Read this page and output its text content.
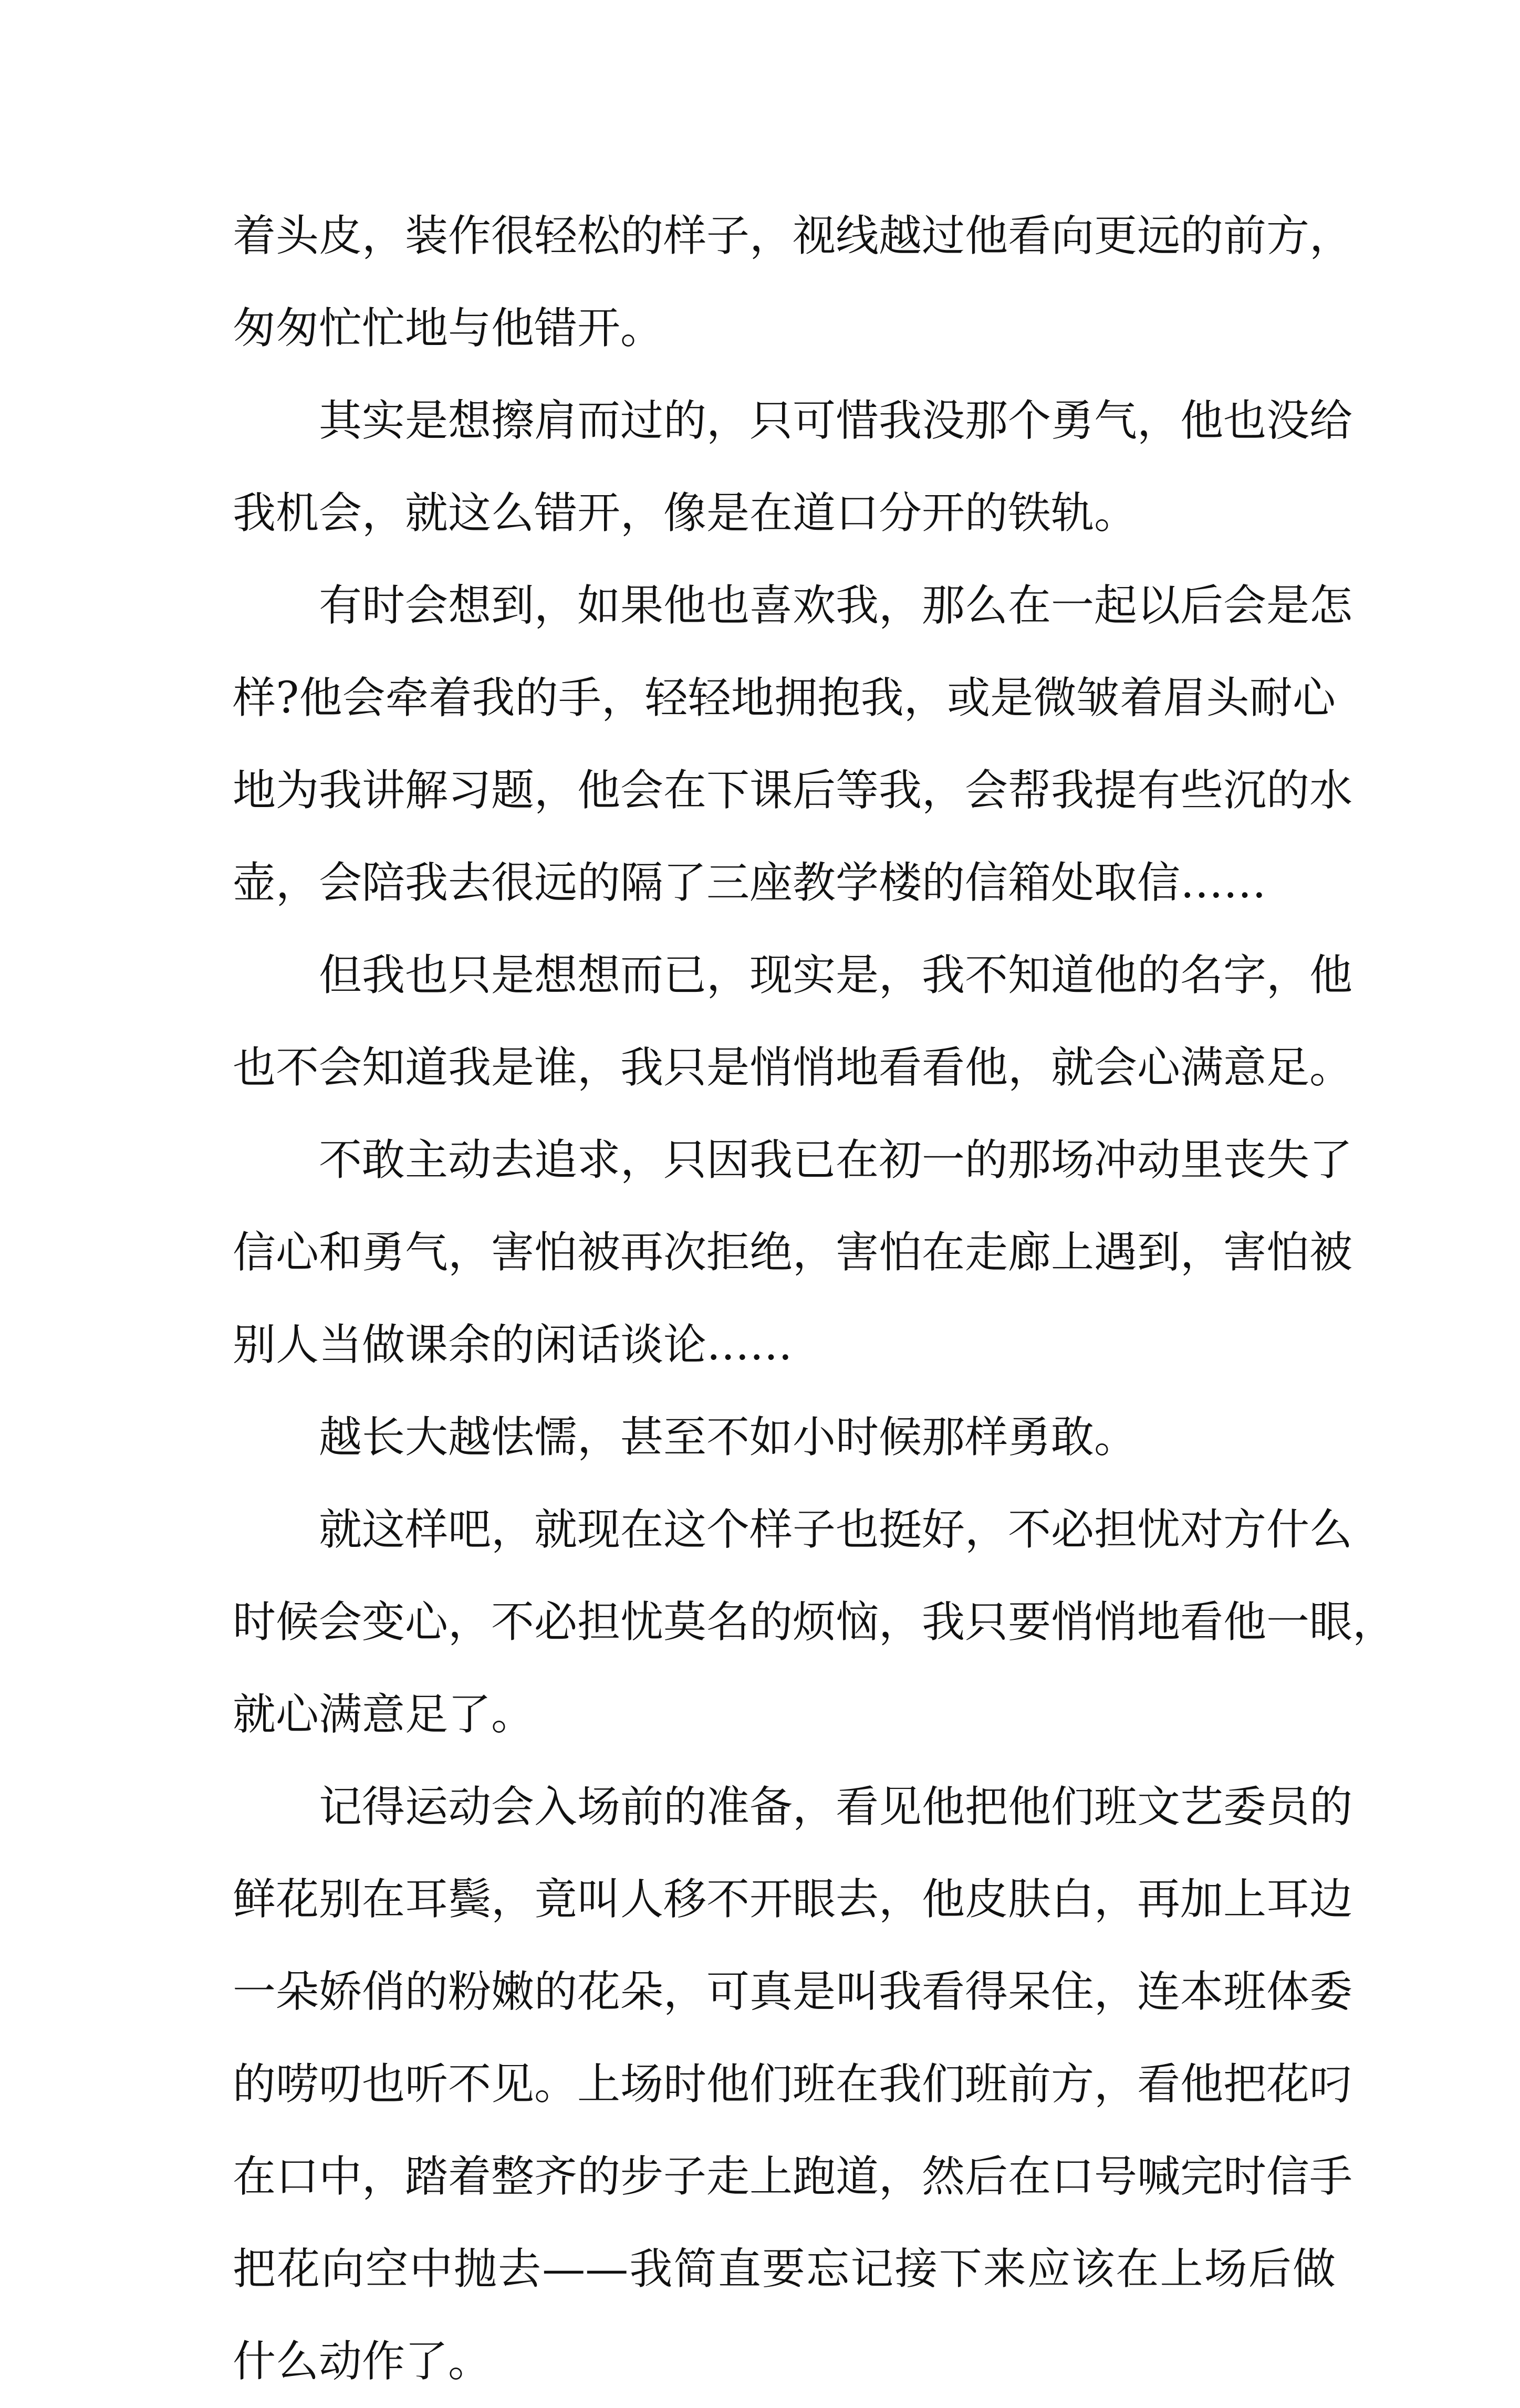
着头皮，装作很轻松的样子，视线越过他看向更远的前方，
匆匆忙忙地与他错开。
其实是想擦肩而过的，只可惜我没那个勇气，他也没给
我机会，就这么错开，像是在道口分开的铁轨。
有时会想到，如果他也喜欢我，那么在一起以后会是怎
样?他会牵着我的手，轻轻地拥抱我，或是微皱着眉头耐心
地为我讲解习题，他会在下课后等我，会帮我提有些沉的水
壶，会陪我去很远的隔了三座教学楼的信箱处取信……
但我也只是想想而已，现实是，我不知道他的名字，他
也不会知道我是谁，我只是悄悄地看看他，就会心满意足。
不敢主动去追求，只因我已在初一的那场冲动里丧失了
信心和勇气，害怕被再次拒绝，害怕在走廊上遇到，害怕被
别人当做课余的闲话谈论……
越长大越怯懦，甚至不如小时候那样勇敢。
就这样吧，就现在这个样子也挺好，不必担忧对方什么
时候会变心，不必担忧莫名的烦恼，我只要悄悄地看他一眼，
就心满意足了。
记得运动会入场前的准备，看见他把他们班文艺委员的
鲜花别在耳鬓，竟叫人移不开眼去，他皮肤白，再加上耳边
一朵娇俏的粉嫩的花朵，可真是叫我看得呆住，连本班体委
的唠叨也听不见。上场时他们班在我们班前方，看他把花叼
在口中，踏着整齐的步子走上跑道，然后在口号喊完时信手
把花向空中抛去——我简直要忘记接下来应该在上场后做
什么动作了。
